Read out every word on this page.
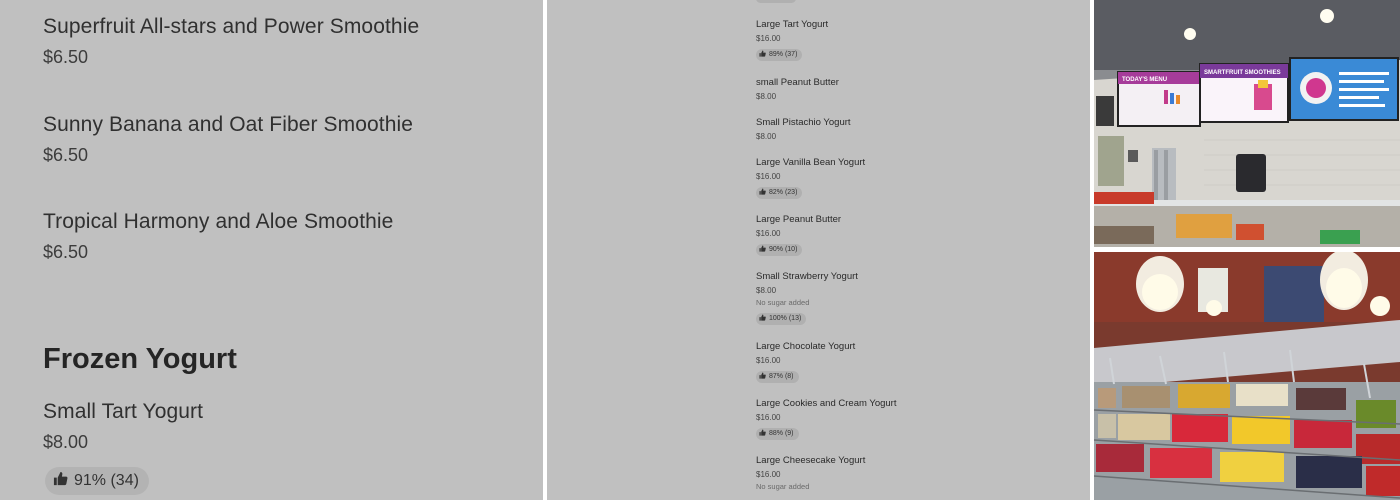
Superfruit All-stars and Power Smoothie
$6.50
Sunny Banana and Oat Fiber Smoothie
$6.50
Tropical Harmony and Aloe Smoothie
$6.50
Frozen Yogurt
Small Tart Yogurt
$8.00
91% (34)
Large Tart Yogurt
$16.00
89% (37)
small Peanut Butter
$8.00
Small Pistachio Yogurt
$8.00
Large Vanilla Bean Yogurt
$16.00
82% (23)
Large Peanut Butter
$16.00
90% (10)
Small Strawberry Yogurt
$8.00
No sugar added
100% (13)
Large Chocolate Yogurt
$16.00
87% (8)
Large Cookies and Cream Yogurt
$16.00
88% (9)
Large Cheesecake Yogurt
$16.00
No sugar added
TODAY'S MENU
SMARTFRUIT SMOOTHIES
